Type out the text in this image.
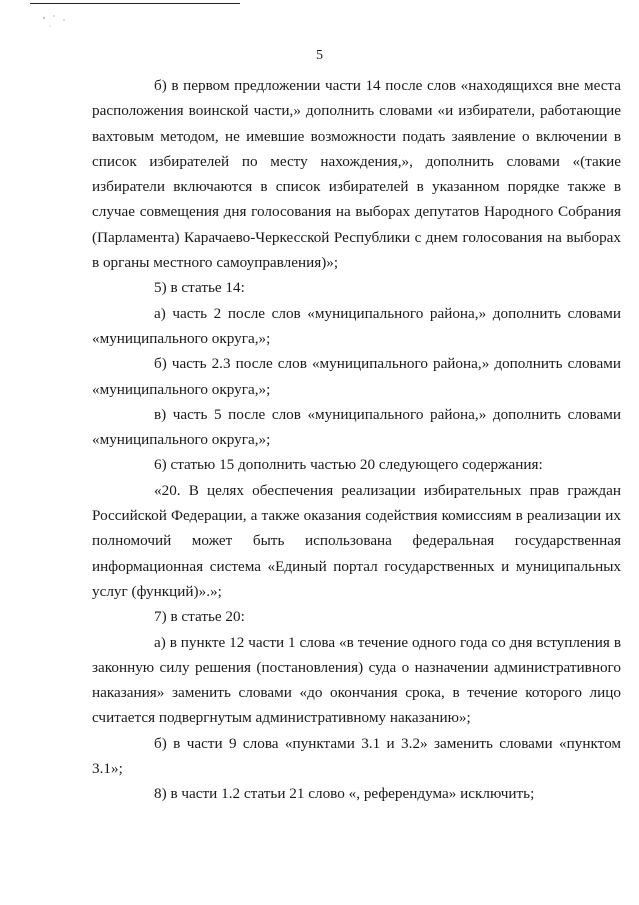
5

б) в первом предложении части 14 после слов «находящихся вне места расположения воинской части,» дополнить словами «и избиратели, работающие вахтовым методом, не имевшие возможности подать заявление о включении в список избирателей по месту нахождения,», дополнить словами «(такие избиратели включаются в список избирателей в указанном порядке также в случае совмещения дня голосования на выборах депутатов Народного Собрания (Парламента) Карачаево-Черкесской Республики с днем голосования на выборах в органы местного самоуправления)»;

5) в статье 14:

а) часть 2 после слов «муниципального района,» дополнить словами «муниципального округа,»;

б) часть 2.3 после слов «муниципального района,» дополнить словами «муниципального округа,»;

в) часть 5 после слов «муниципального района,» дополнить словами «муниципального округа,»;

6) статью 15 дополнить частью 20 следующего содержания:

«20. В целях обеспечения реализации избирательных прав граждан Российской Федерации, а также оказания содействия комиссиям в реализации их полномочий может быть использована федеральная государственная информационная система «Единый портал государственных и муниципальных услуг (функций)».»;

7) в статье 20:

а) в пункте 12 части 1 слова «в течение одного года со дня вступления в законную силу решения (постановления) суда о назначении административного наказания» заменить словами «до окончания срока, в течение которого лицо считается подвергнутым административному наказанию»;

б) в части 9 слова «пунктами 3.1 и 3.2» заменить словами «пунктом 3.1»;

8) в части 1.2 статьи 21 слово «, референдума» исключить;
